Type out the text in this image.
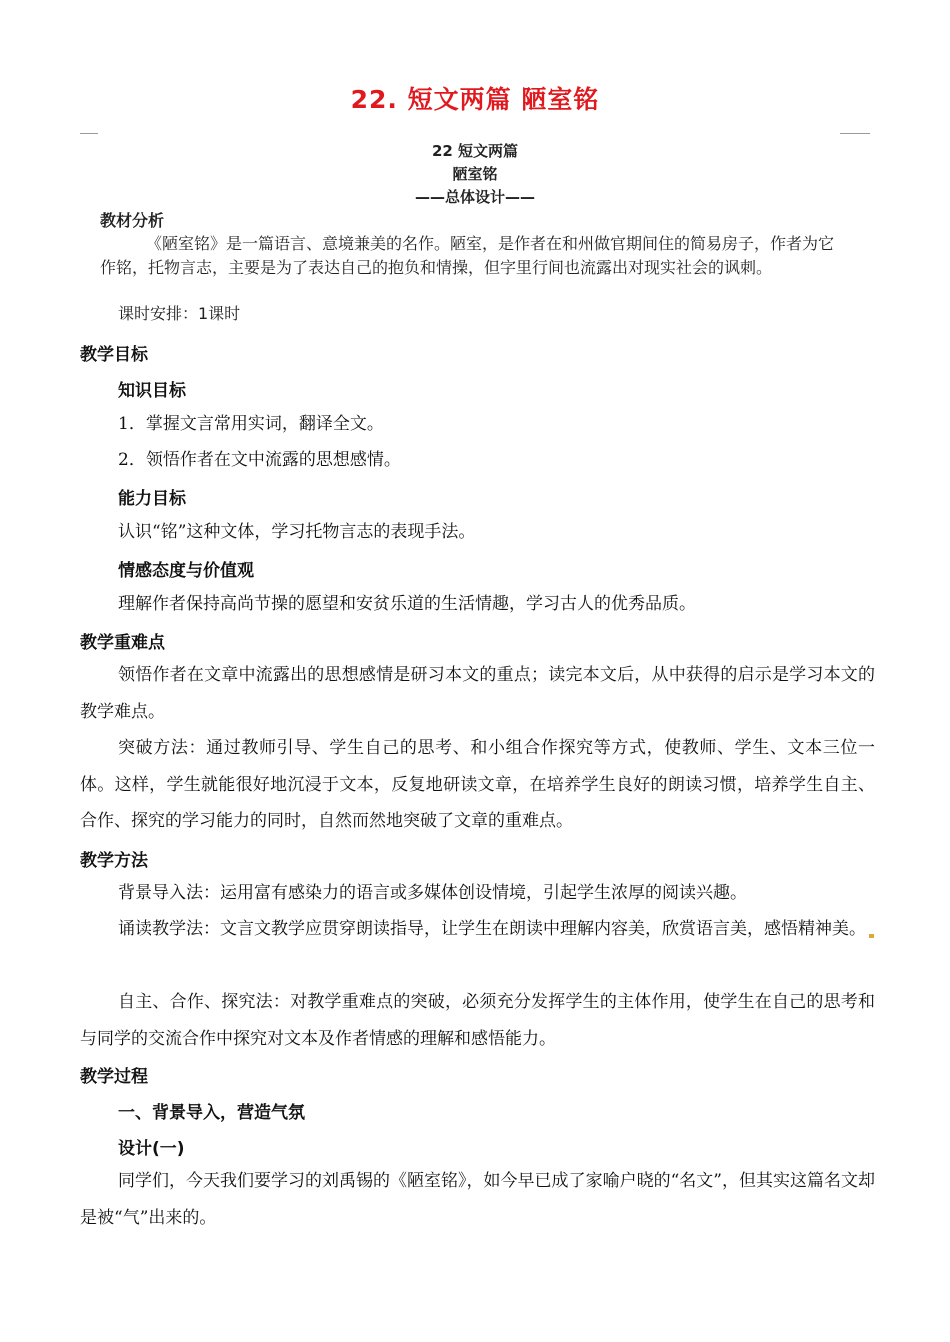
22. 短文两篇 陋室铭
22 短文两篇
陋室铭
——总体设计——
教材分析
《陋室铭》是一篇语言、意境兼美的名作。陋室，是作者在和州做官期间住的简易房子，作者为它作铭，托物言志，主要是为了表达自己的抱负和情操，但字里行间也流露出对现实社会的讽刺。
课时安排：1课时
教学目标
知识目标
1．掌握文言常用实词，翻译全文。
2．领悟作者在文中流露的思想感情。
能力目标
认识“铭”这种文体，学习托物言志的表现手法。
情感态度与价值观
理解作者保持高尚节操的愿望和安贫乐道的生活情趣，学习古人的优秀品质。
教学重难点
领悟作者在文章中流露出的思想感情是研习本文的重点；读完本文后，从中获得的启示是学习本文的教学难点。
突破方法：通过教师引导、学生自己的思考、和小组合作探究等方式，使教师、学生、文本三位一体。这样，学生就能很好地沉浸于文本，反复地研读文章，在培养学生良好的朗读习惯，培养学生自主、合作、探究的学习能力的同时，自然而然地突破了文章的重难点。
教学方法
背景导入法：运用富有感染力的语言或多媒体创设情境，引起学生浓厚的阅读兴趣。
诵读教学法：文言文教学应贯穿朗读指导，让学生在朗读中理解内容美，欣赏语言美，感悟精神美。
自主、合作、探究法：对教学重难点的突破，必须充分发挥学生的主体作用，使学生在自己的思考和与同学的交流合作中探究对文本及作者情感的理解和感悟能力。
教学过程
一、背景导入，营造气氛
设计(一)
同学们，今天我们要学习的刘禹锡的《陋室铭》，如今早已成了家喻户晓的“名文”，但其实这篇名文却是被“气”出来的。
